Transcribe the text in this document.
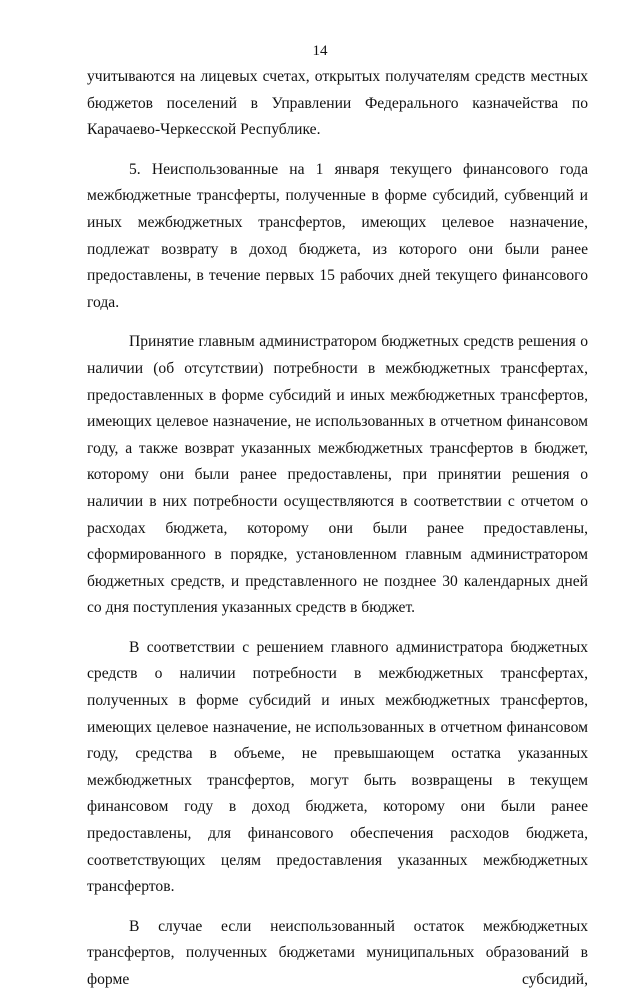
14

учитываются на лицевых счетах, открытых получателям средств местных бюджетов поселений в Управлении Федерального казначейства по Карачаево-Черкесской Республике.

5. Неиспользованные на 1 января текущего финансового года межбюджетные трансферты, полученные в форме субсидий, субвенций и иных межбюджетных трансфертов, имеющих целевое назначение, подлежат возврату в доход бюджета, из которого они были ранее предоставлены, в течение первых 15 рабочих дней текущего финансового года.

Принятие главным администратором бюджетных средств решения о наличии (об отсутствии) потребности в межбюджетных трансфертах, предоставленных в форме субсидий и иных межбюджетных трансфертов, имеющих целевое назначение, не использованных в отчетном финансовом году, а также возврат указанных межбюджетных трансфертов в бюджет, которому они были ранее предоставлены, при принятии решения о наличии в них потребности осуществляются в соответствии с отчетом о расходах бюджета, которому они были ранее предоставлены, сформированного в порядке, установленном главным администратором бюджетных средств, и представленного не позднее 30 календарных дней со дня поступления указанных средств в бюджет.

В соответствии с решением главного администратора бюджетных средств о наличии потребности в межбюджетных трансфертах, полученных в форме субсидий и иных межбюджетных трансфертов, имеющих целевое назначение, не использованных в отчетном финансовом году, средства в объеме, не превышающем остатка указанных межбюджетных трансфертов, могут быть возвращены в текущем финансовом году в доход бюджета, которому они были ранее предоставлены, для финансового обеспечения расходов бюджета, соответствующих целям предоставления указанных межбюджетных трансфертов.

В случае если неиспользованный остаток межбюджетных трансфертов, полученных бюджетами муниципальных образований в форме субсидий,
